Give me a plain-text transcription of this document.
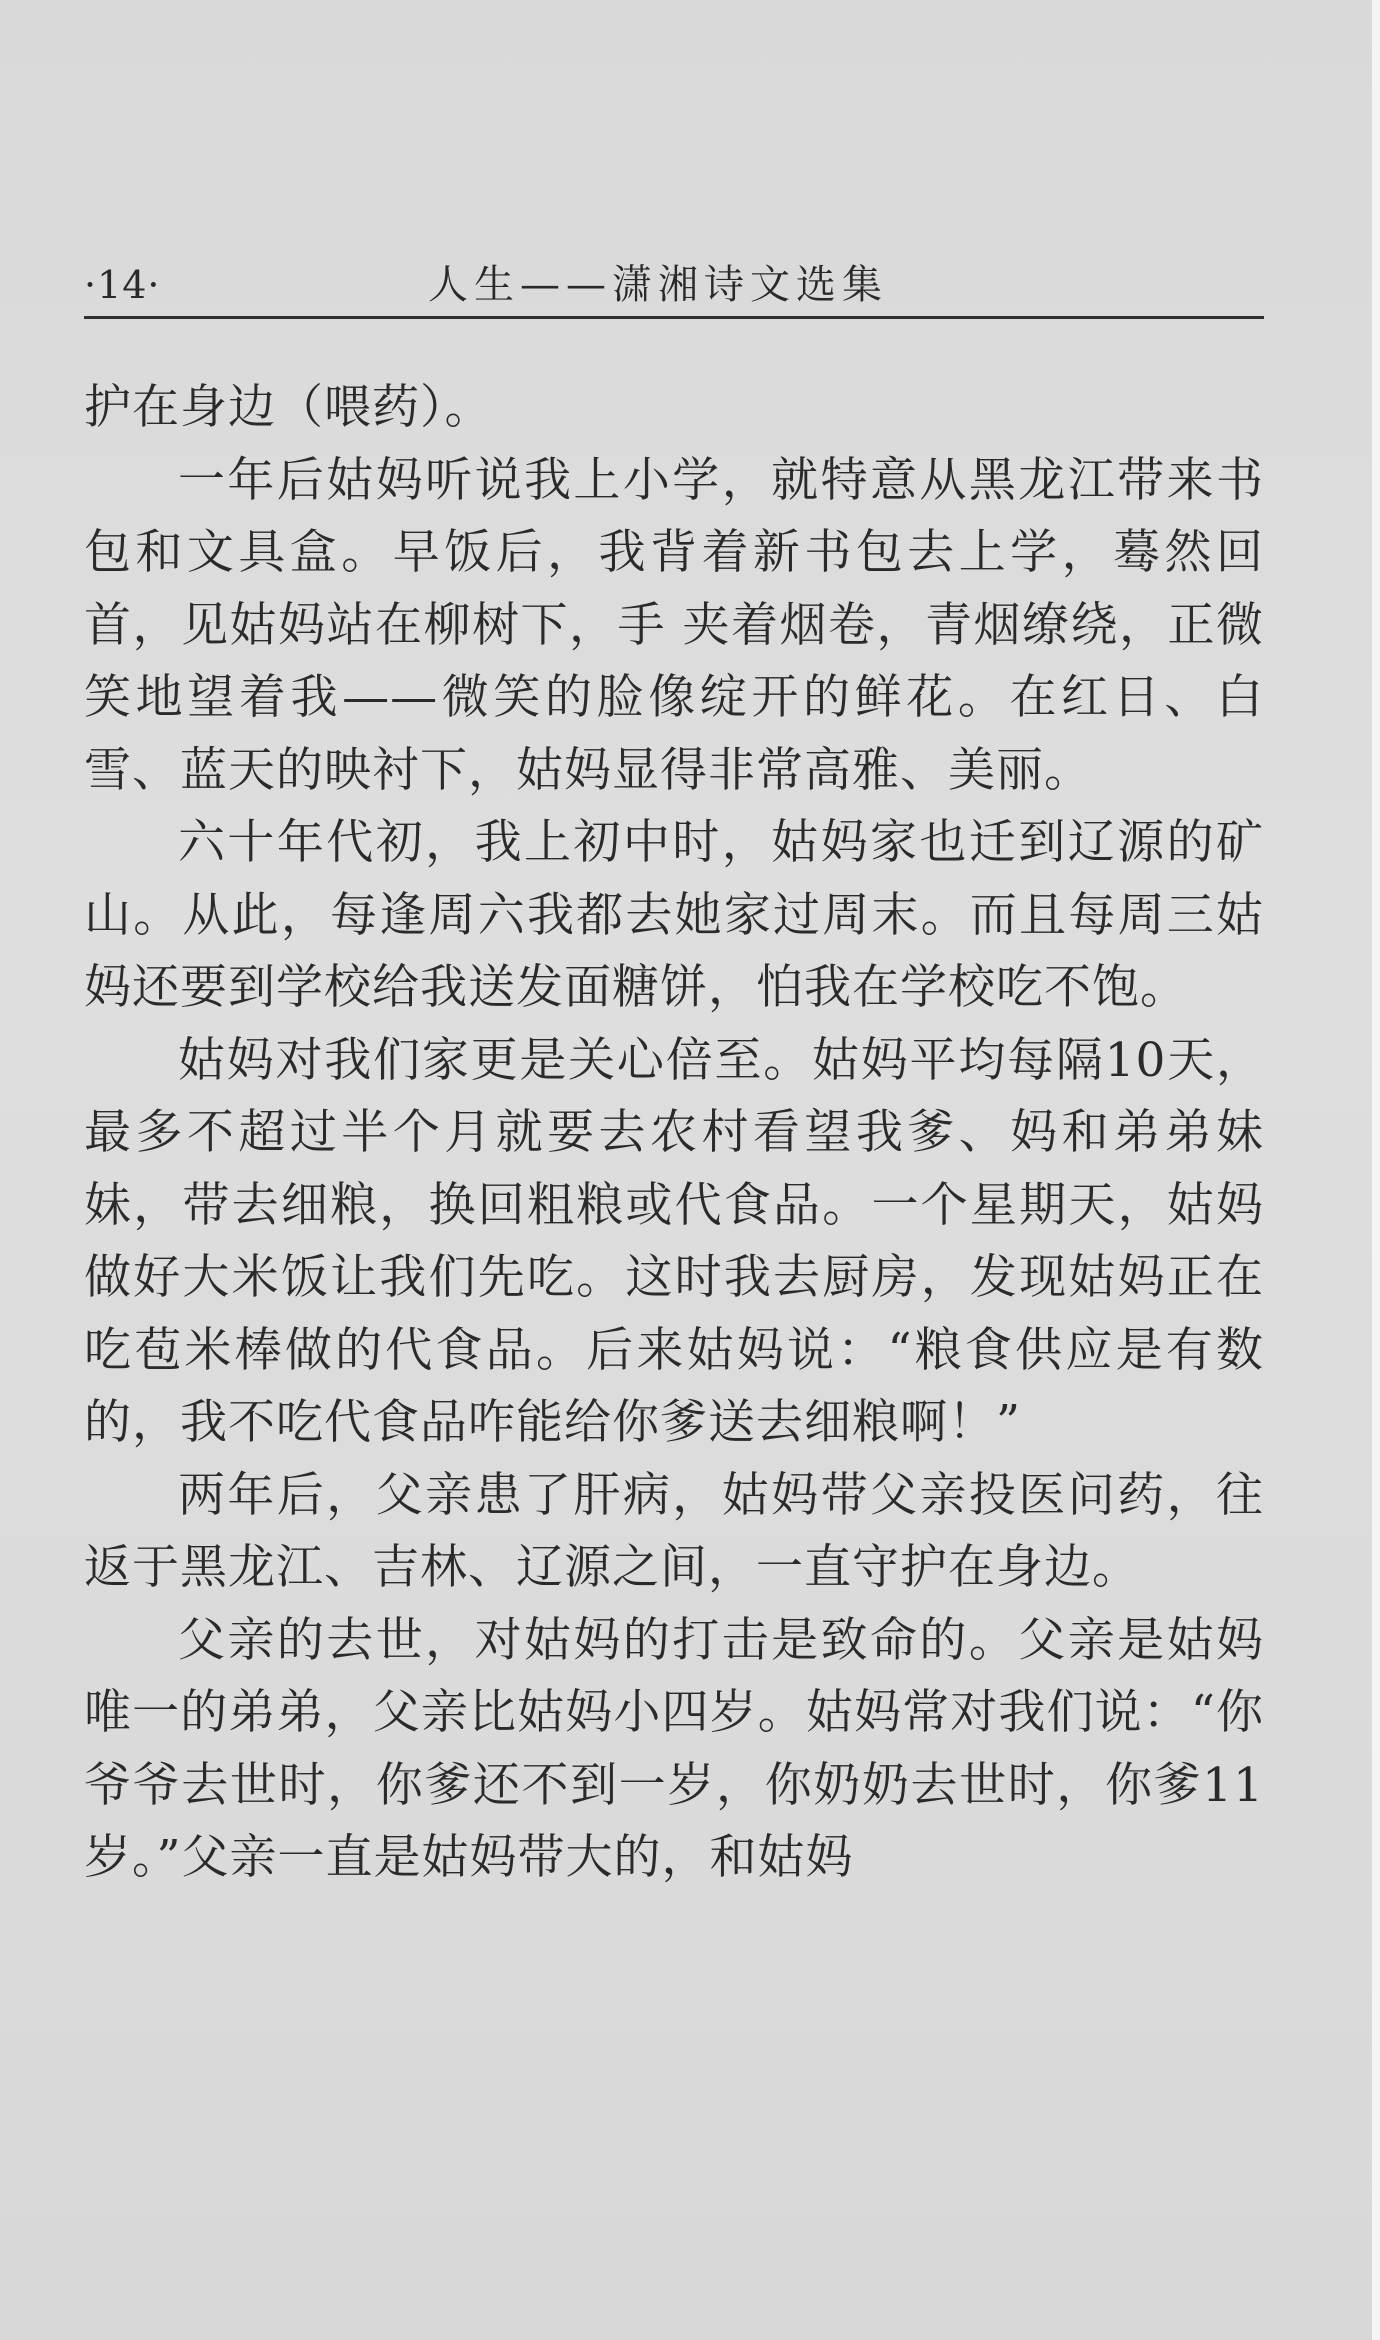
·14·	人生——潇湘诗文选集

护在身边（喂药）。

一年后姑妈听说我上小学，就特意从黑龙江带来书包和文具盒。早饭后，我背着新书包去上学，蓦然回首，见姑妈站在柳树下，手 夹着烟卷，青烟缭绕，正微笑地望着我——微笑的脸像绽开的鲜花。在红日、白雪、蓝天的映衬下，姑妈显得非常高雅、美丽。

六十年代初，我上初中时，姑妈家也迁到辽源的矿山。从此，每逢周六我都去她家过周末。而且每周三姑妈还要到学校给我送发面糖饼，怕我在学校吃不饱。

姑妈对我们家更是关心倍至。姑妈平均每隔10天，最多不超过半个月就要去农村看望我爹、妈和弟弟妹妹，带去细粮，换回粗粮或代食品。一个星期天，姑妈做好大米饭让我们先吃。这时我去厨房，发现姑妈正在吃苞米棒做的代食品。后来姑妈说：“粮食供应是有数的，我不吃代食品咋能给你爹送去细粮啊！”

两年后，父亲患了肝病，姑妈带父亲投医问药，往返于黑龙江、吉林、辽源之间，一直守护在身边。

父亲的去世，对姑妈的打击是致命的。父亲是姑妈唯一的弟弟，父亲比姑妈小四岁。姑妈常对我们说：“你爷爷去世时，你爹还不到一岁，你奶奶去世时，你爹11岁。”父亲一直是姑妈带大的，和姑妈
